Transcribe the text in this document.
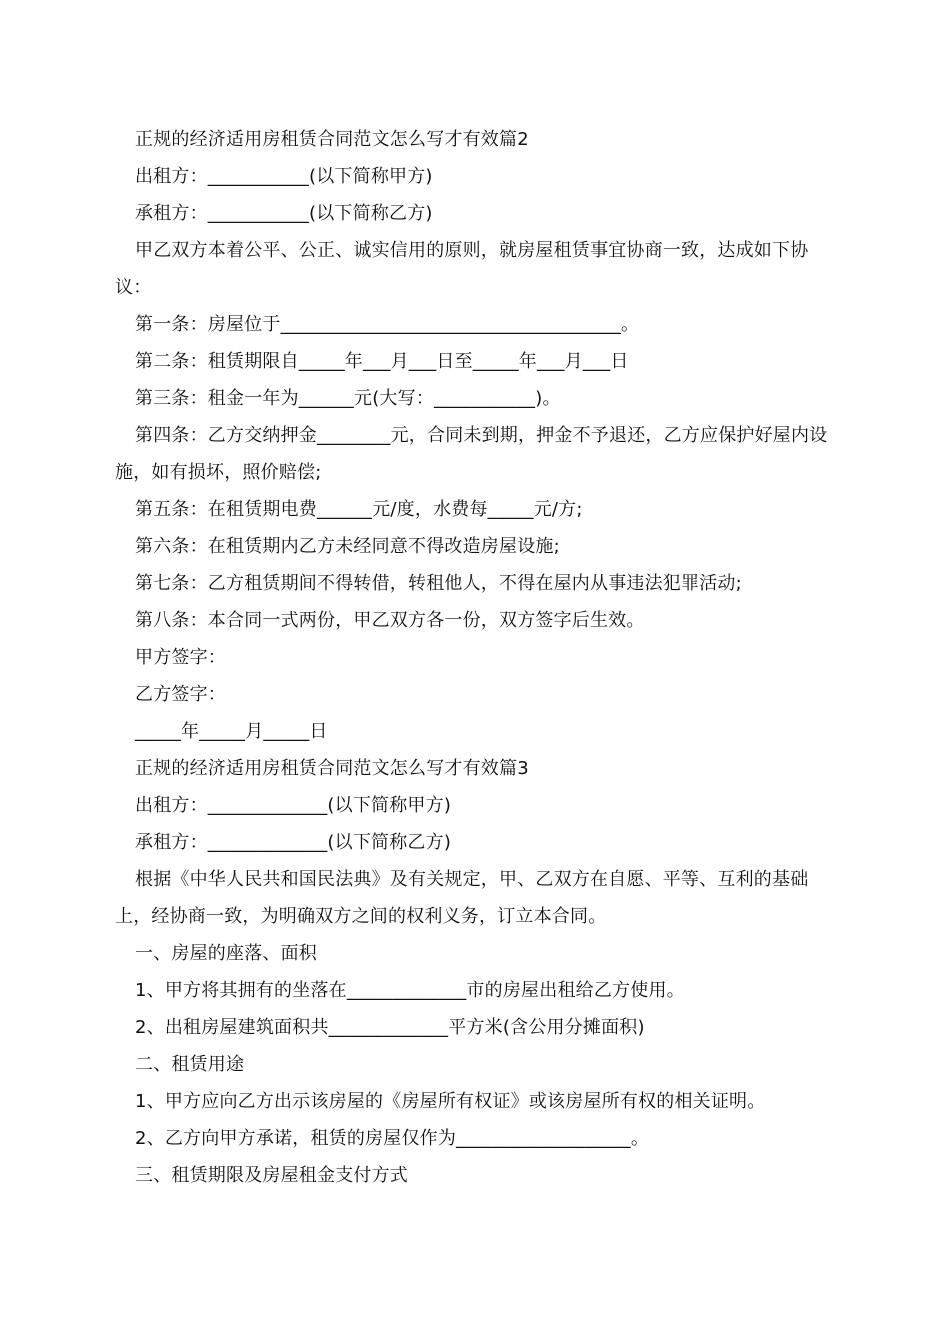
正规的经济适用房租赁合同范文怎么写才有效篇2

出租方：___________(以下简称甲方)

承租方：___________(以下简称乙方)

甲乙双方本着公平、公正、诚实信用的原则，就房屋租赁事宜协商一致，达成如下协议：

第一条：房屋位于_____________________________________。

第二条：租赁期限自_____年___月___日至_____年___月___日

第三条：租金一年为______元(大写：___________)。

第四条：乙方交纳押金________元，合同未到期，押金不予退还，乙方应保护好屋内设施，如有损坏，照价赔偿;

第五条：在租赁期电费______元/度，水费每_____元/方;

第六条：在租赁期内乙方未经同意不得改造房屋设施;

第七条：乙方租赁期间不得转借，转租他人，不得在屋内从事违法犯罪活动;

第八条：本合同一式两份，甲乙双方各一份，双方签字后生效。

甲方签字：

乙方签字：

_____年_____月_____日

正规的经济适用房租赁合同范文怎么写才有效篇3

出租方：_____________(以下简称甲方)

承租方：_____________(以下简称乙方)

根据《中华人民共和国民法典》及有关规定，甲、乙双方在自愿、平等、互利的基础上，经协商一致，为明确双方之间的权利义务，订立本合同。

一、房屋的座落、面积

1、甲方将其拥有的坐落在_____________市的房屋出租给乙方使用。

2、出租房屋建筑面积共_____________平方米(含公用分摊面积)

二、租赁用途

1、甲方应向乙方出示该房屋的《房屋所有权证》或该房屋所有权的相关证明。

2、乙方向甲方承诺，租赁的房屋仅作为___________________。

三、租赁期限及房屋租金支付方式
